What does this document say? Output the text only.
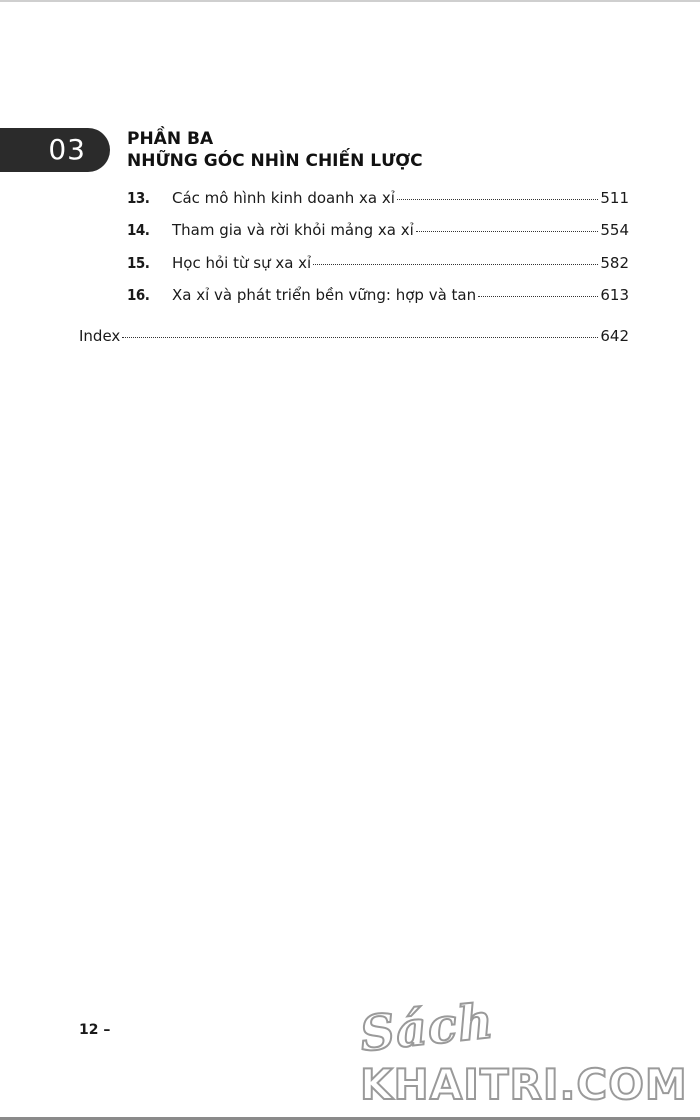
03	PHẦN BA
NHỮNG GÓC NHÌN CHIẾN LƯỢC
13.	Các mô hình kinh doanh xa xỉ	511
14.	Tham gia và rời khỏi mảng xa xỉ	554
15.	Học hỏi từ sự xa xỉ	582
16.	Xa xỉ và phát triển bền vững: hợp và tan	613
Index	642
12 –	Sách
KHAITRI.COM
